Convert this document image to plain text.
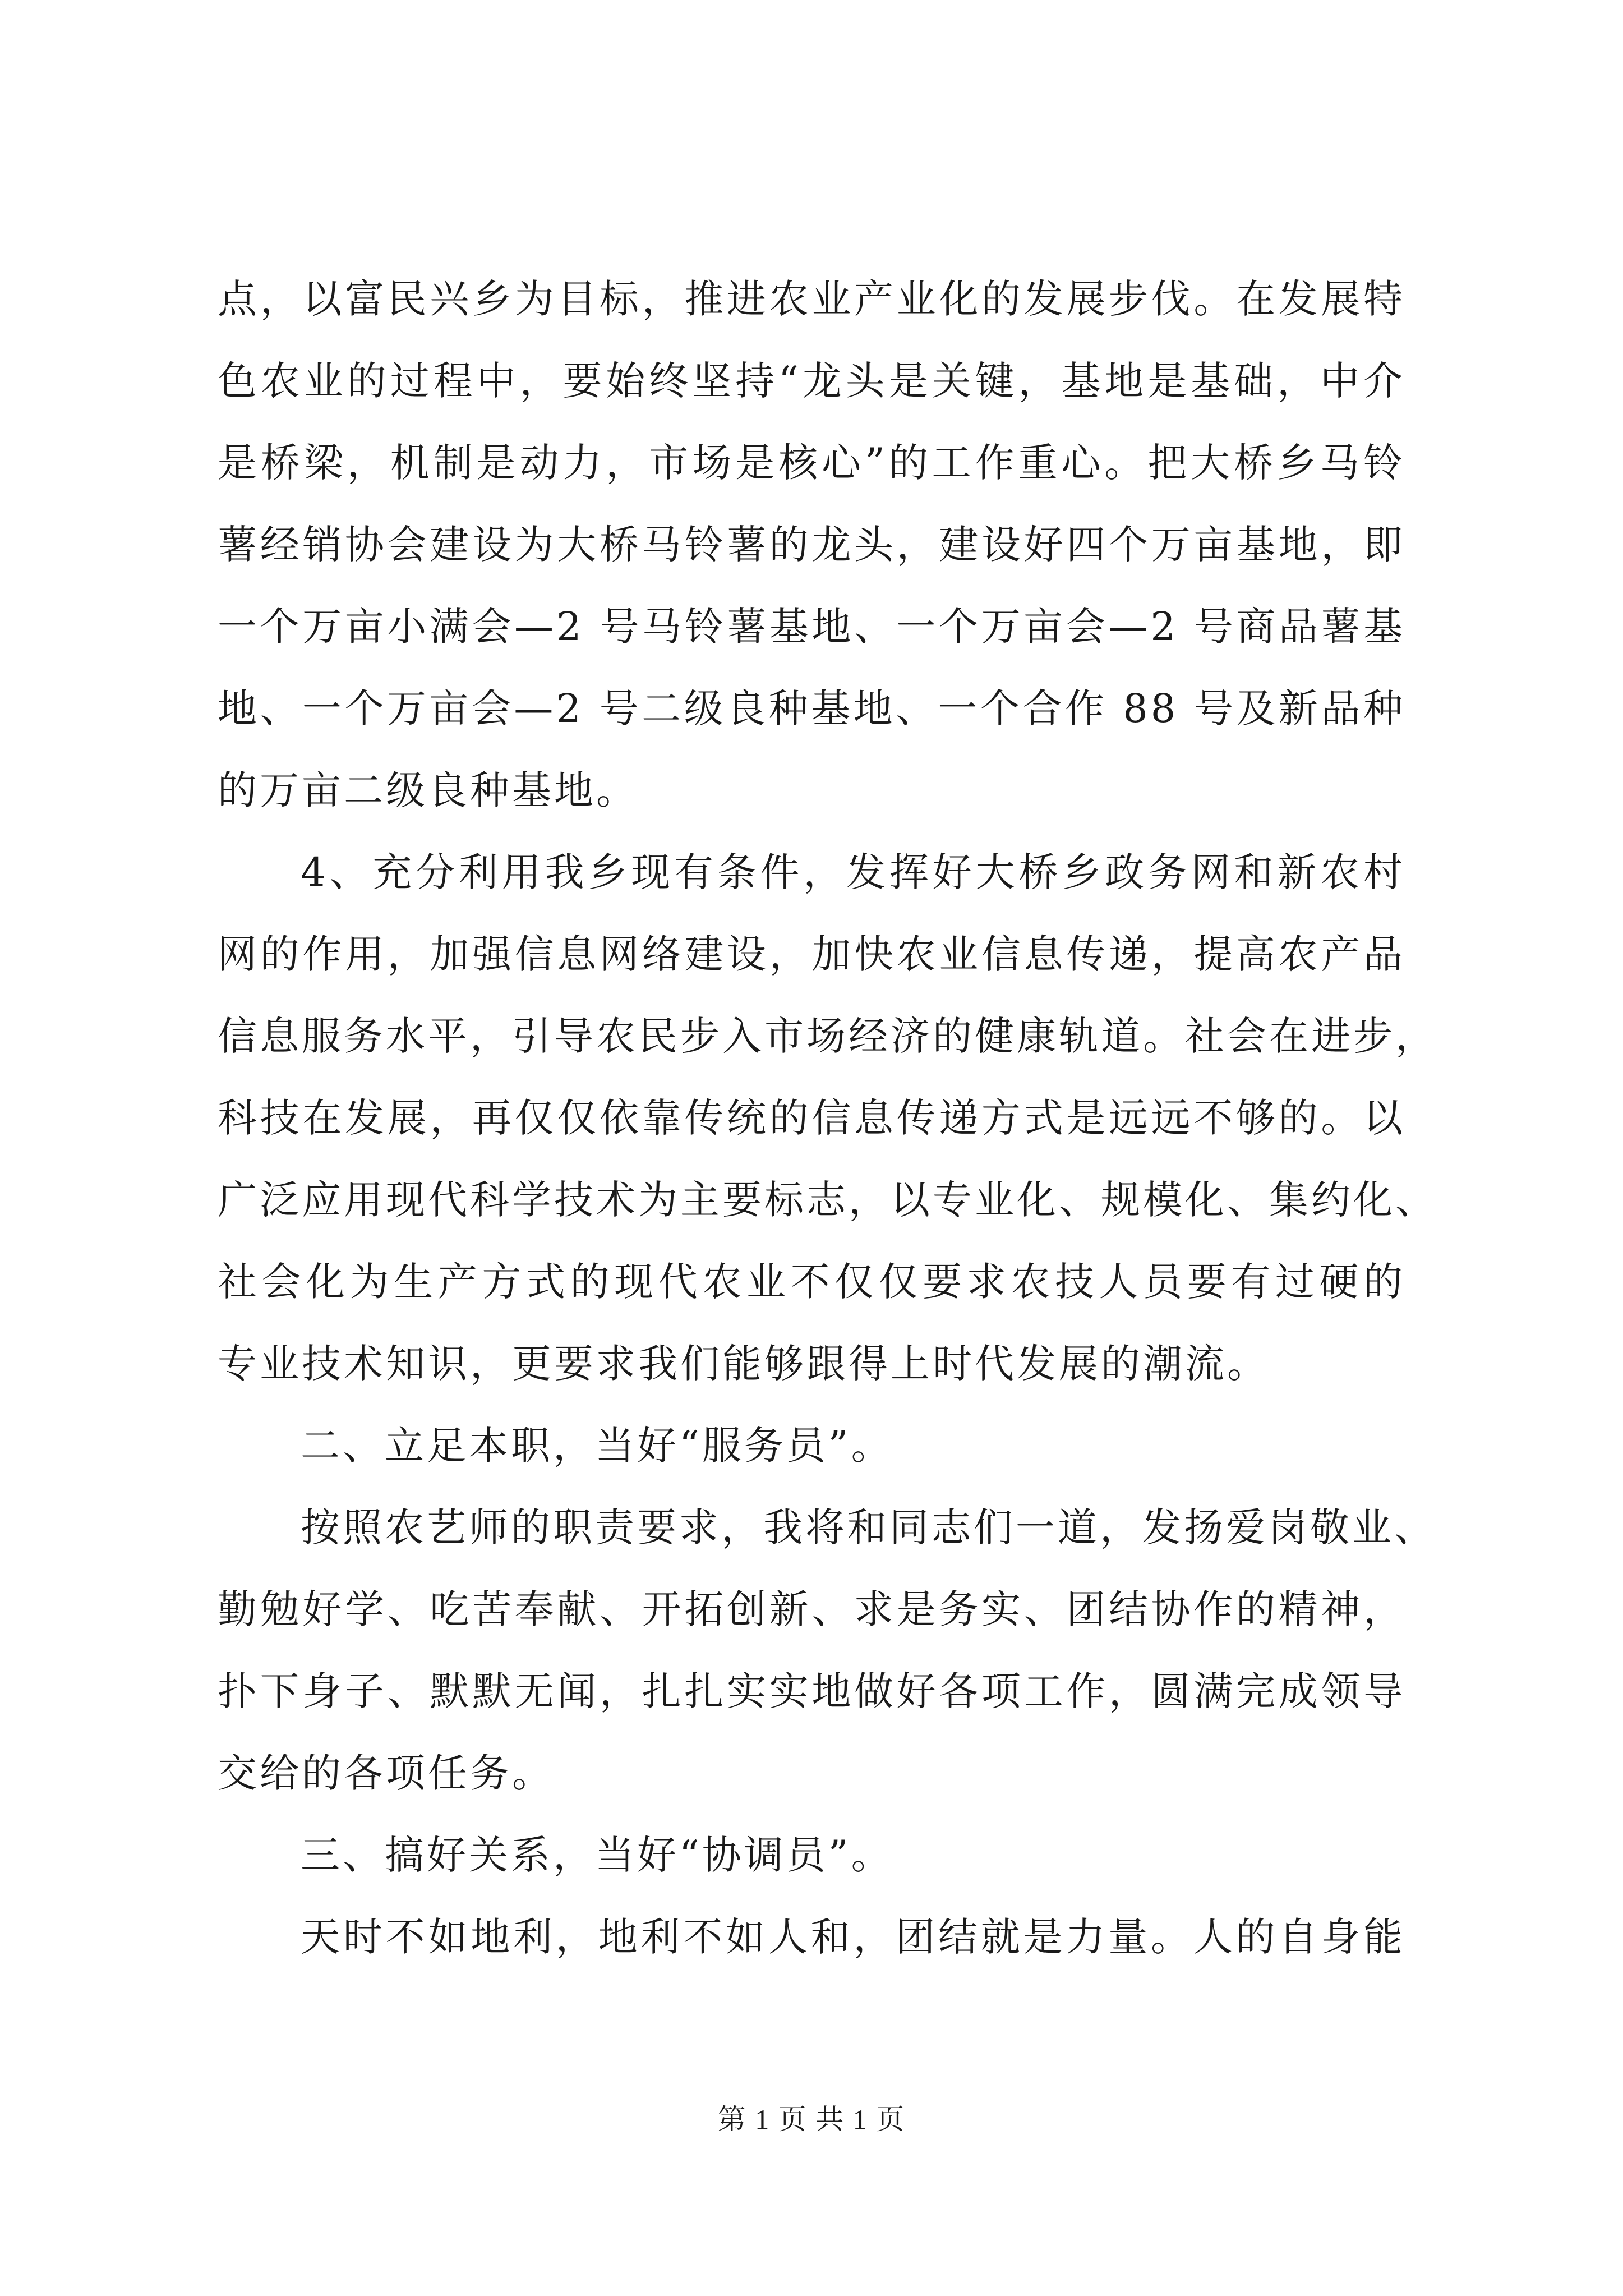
点，以富民兴乡为目标，推进农业产业化的发展步伐。在发展特
色农业的过程中，要始终坚持“龙头是关键，基地是基础，中介
是桥梁，机制是动力，市场是核心”的工作重心。把大桥乡马铃
薯经销协会建设为大桥马铃薯的龙头，建设好四个万亩基地，即
一个万亩小满会—2 号马铃薯基地、一个万亩会—2 号商品薯基
地、一个万亩会—2 号二级良种基地、一个合作 88 号及新品种
的万亩二级良种基地。
4、充分利用我乡现有条件，发挥好大桥乡政务网和新农村
网的作用，加强信息网络建设，加快农业信息传递，提高农产品
信息服务水平，引导农民步入市场经济的健康轨道。社会在进步，
科技在发展，再仅仅依靠传统的信息传递方式是远远不够的。以
广泛应用现代科学技术为主要标志，以专业化、规模化、集约化、
社会化为生产方式的现代农业不仅仅要求农技人员要有过硬的
专业技术知识，更要求我们能够跟得上时代发展的潮流。
二、立足本职，当好“服务员”。
按照农艺师的职责要求，我将和同志们一道，发扬爱岗敬业、
勤勉好学、吃苦奉献、开拓创新、求是务实、团结协作的精神，
扑下身子、默默无闻，扎扎实实地做好各项工作，圆满完成领导
交给的各项任务。
三、搞好关系，当好“协调员”。
天时不如地利，地利不如人和，团结就是力量。人的自身能
第 1 页 共 1 页
